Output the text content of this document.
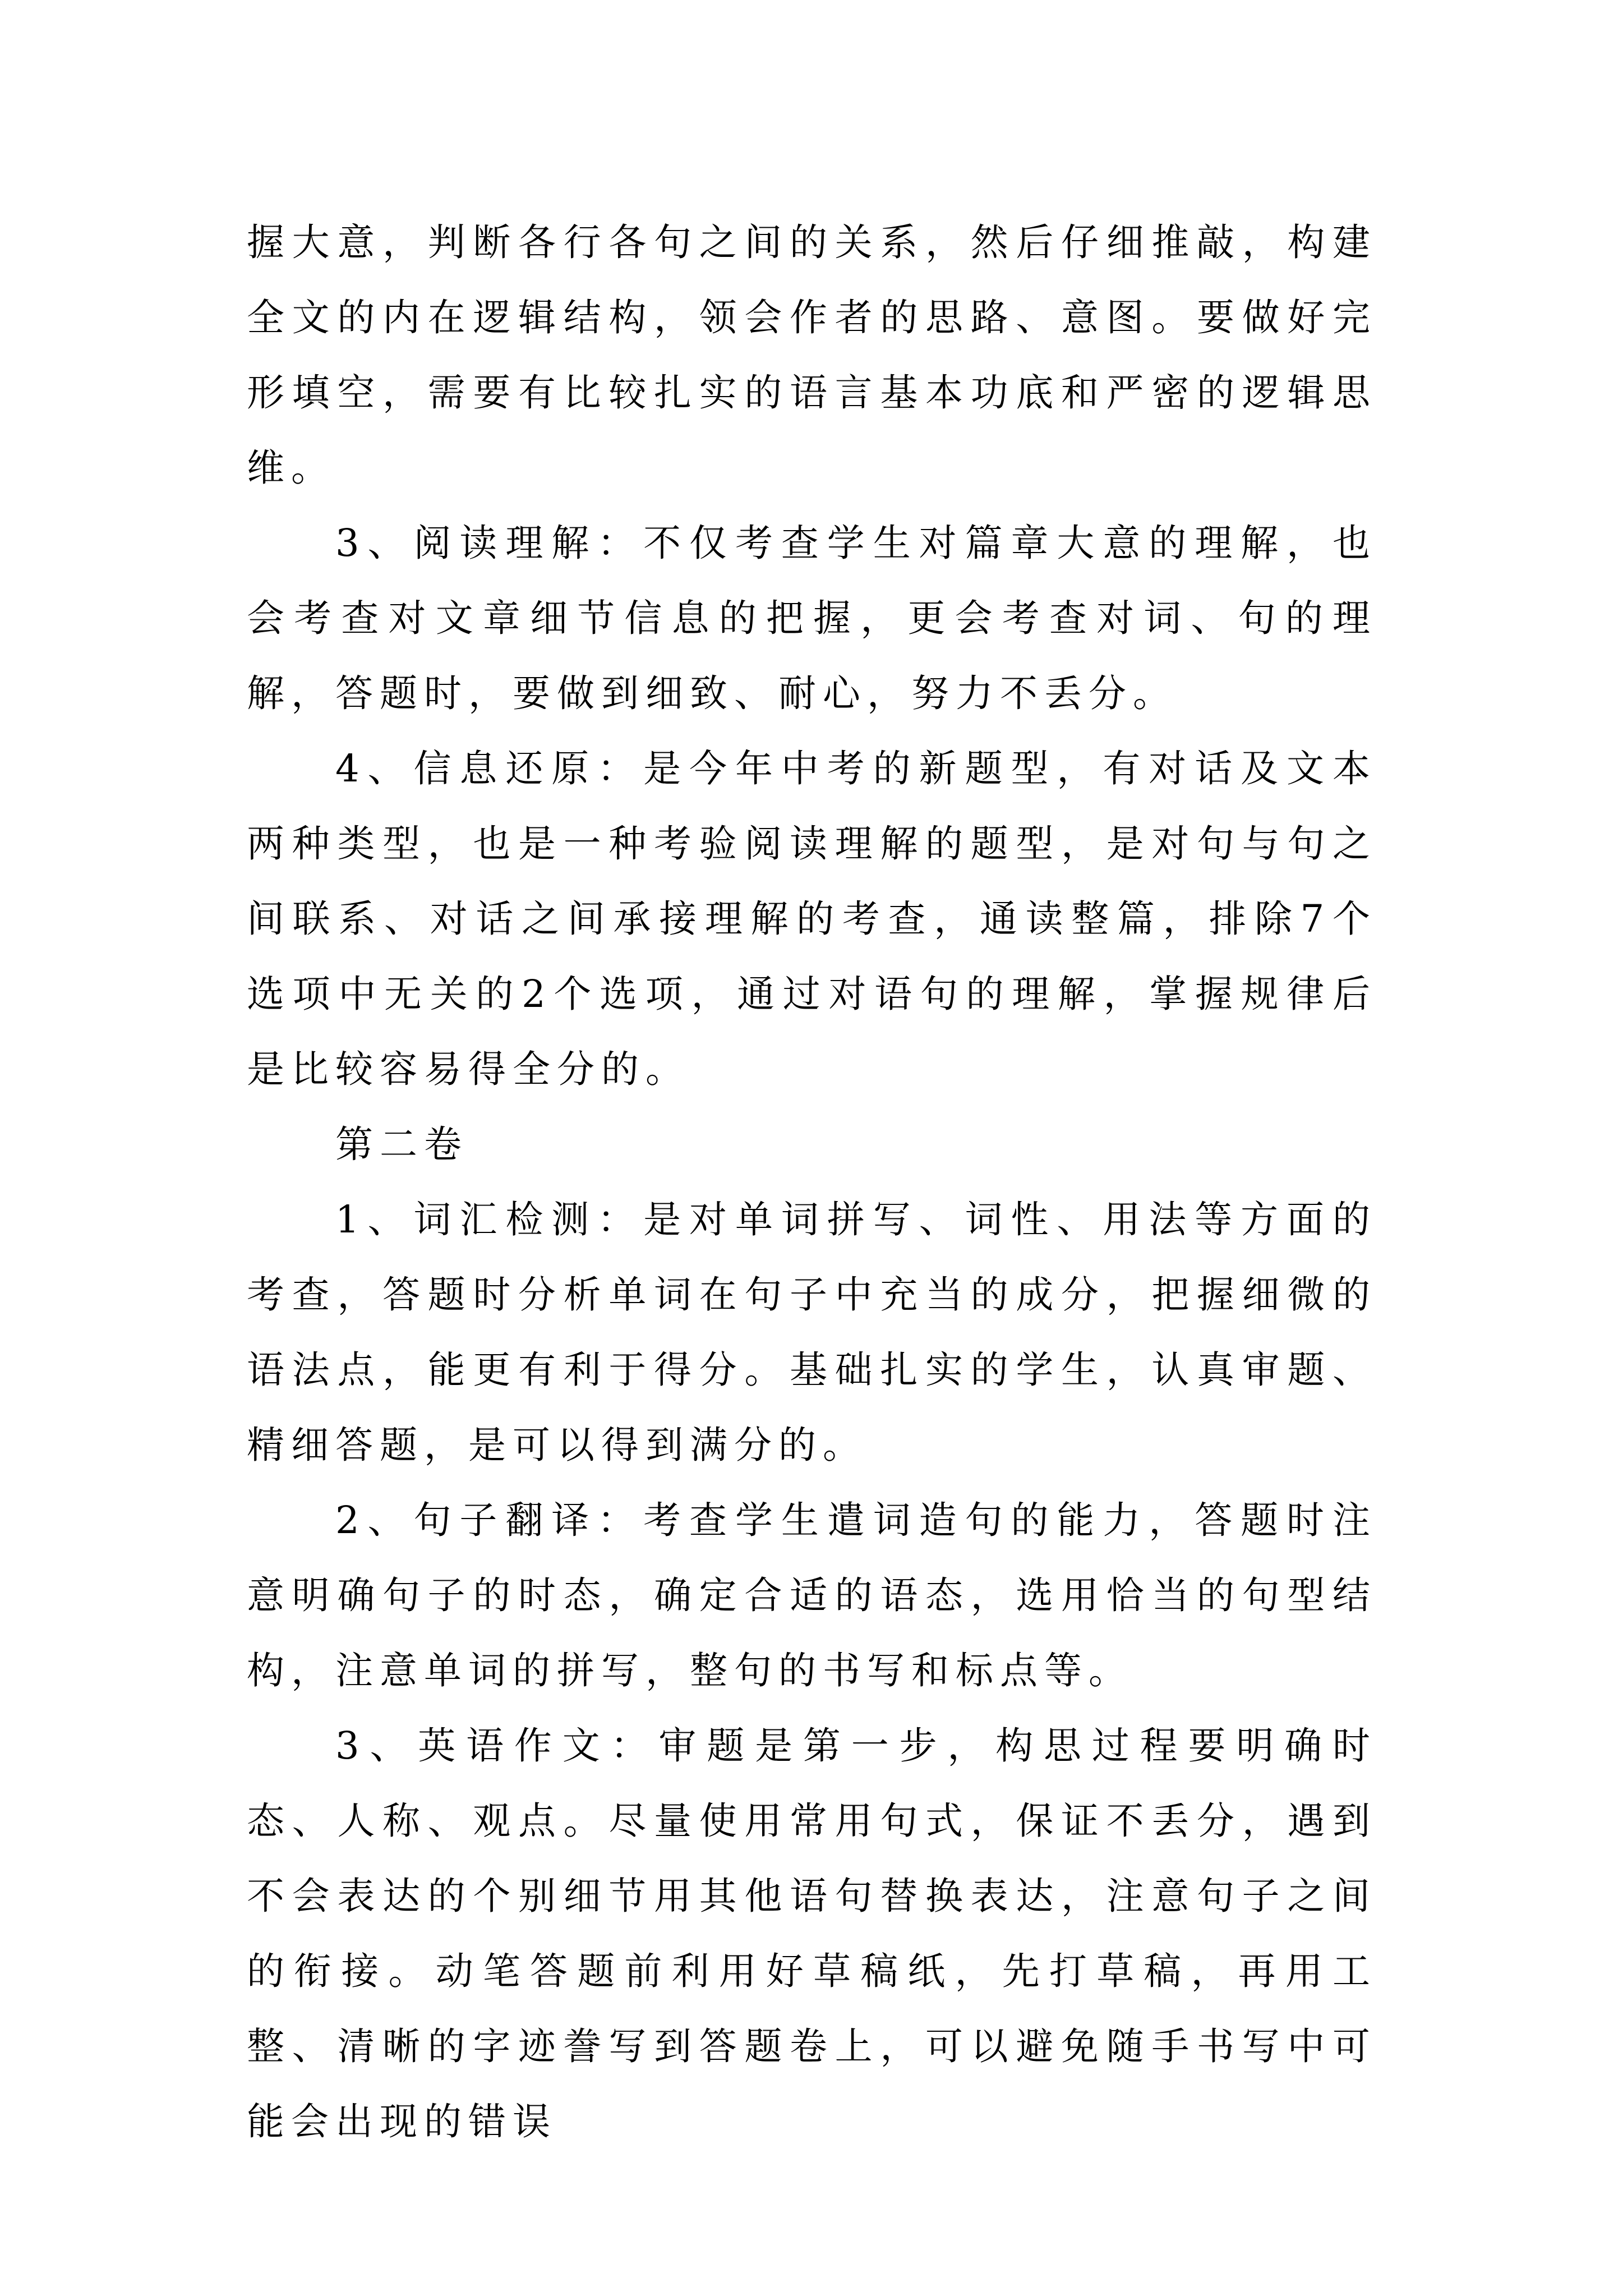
握大意，判断各行各句之间的关系，然后仔细推敲，构建全文的内在逻辑结构，领会作者的思路、意图。要做好完形填空，需要有比较扎实的语言基本功底和严密的逻辑思维。

3、阅读理解：不仅考查学生对篇章大意的理解，也会考查对文章细节信息的把握，更会考查对词、句的理解，答题时，要做到细致、耐心，努力不丢分。

4、信息还原：是今年中考的新题型，有对话及文本两种类型，也是一种考验阅读理解的题型，是对句与句之间联系、对话之间承接理解的考查，通读整篇，排除7个选项中无关的2个选项，通过对语句的理解，掌握规律后是比较容易得全分的。

第二卷

1、词汇检测：是对单词拼写、词性、用法等方面的考查，答题时分析单词在句子中充当的成分，把握细微的语法点，能更有利于得分。基础扎实的学生，认真审题、精细答题，是可以得到满分的。

2、句子翻译：考查学生遣词造句的能力，答题时注意明确句子的时态，确定合适的语态，选用恰当的句型结构，注意单词的拼写，整句的书写和标点等。

3、英语作文：审题是第一步，构思过程要明确时态、人称、观点。尽量使用常用句式，保证不丢分，遇到不会表达的个别细节用其他语句替换表达，注意句子之间的衔接。动笔答题前利用好草稿纸，先打草稿，再用工整、清晰的字迹誊写到答题卷上，可以避免随手书写中可能会出现的错误
